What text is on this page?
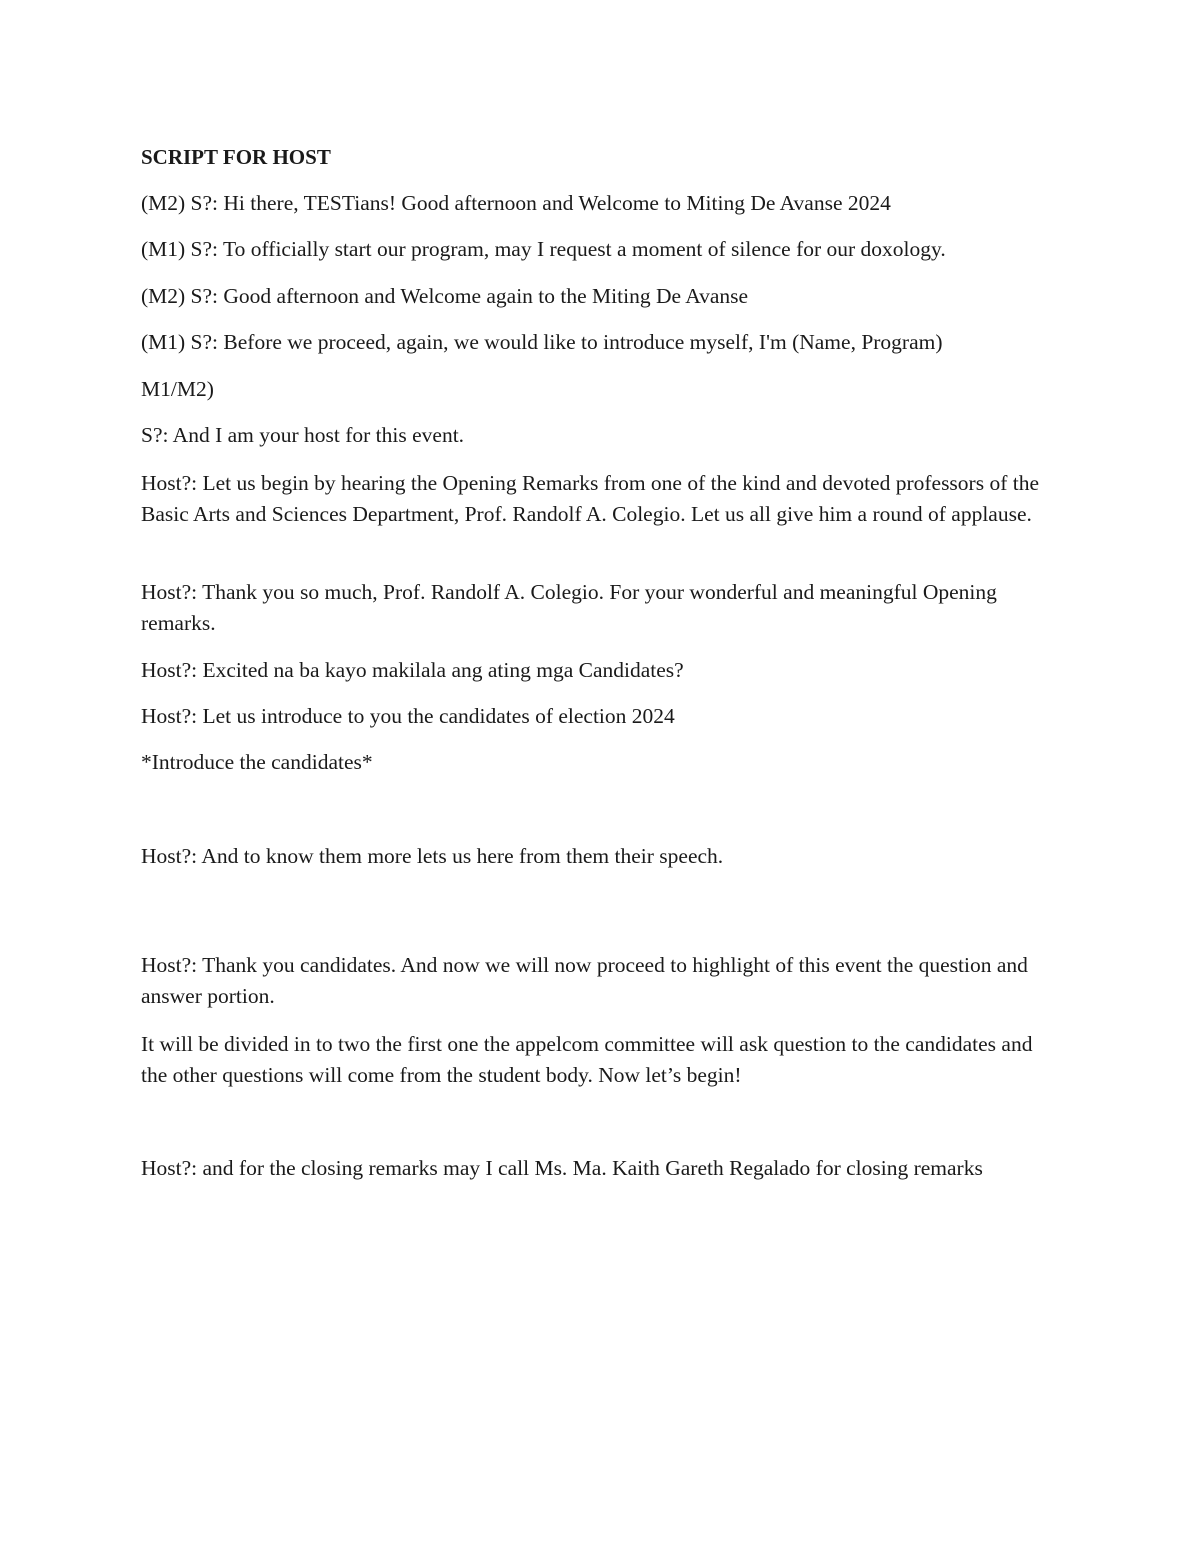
SCRIPT FOR HOST

(M2) S?: Hi there, TESTians! Good afternoon and Welcome to Miting De Avanse 2024

(M1) S?: To officially start our program, may I request a moment of silence for our doxology.

(M2) S?: Good afternoon and Welcome again to the Miting De Avanse

(M1) S?: Before we proceed, again, we would like to introduce myself, I'm (Name, Program)

M1/M2)

S?: And I am your host for this event.

Host?: Let us begin by hearing the Opening Remarks from one of the kind and devoted professors of the Basic Arts and Sciences Department, Prof. Randolf A. Colegio. Let us all give him a round of applause.

Host?: Thank you so much, Prof. Randolf A. Colegio. For your wonderful and meaningful Opening remarks.

Host?: Excited na ba kayo makilala ang ating mga Candidates?

Host?: Let us introduce to you the candidates of election 2024

*Introduce the candidates*

Host?: And to know them more lets us here from them their speech.

Host?: Thank you candidates. And now we will now proceed to highlight of this event the question and answer portion.

It will be divided in to two the first one the appelcom committee will ask question to the candidates and the other questions will come from the student body. Now let’s begin!

Host?: and for the closing remarks may I call Ms. Ma. Kaith Gareth Regalado for closing remarks
